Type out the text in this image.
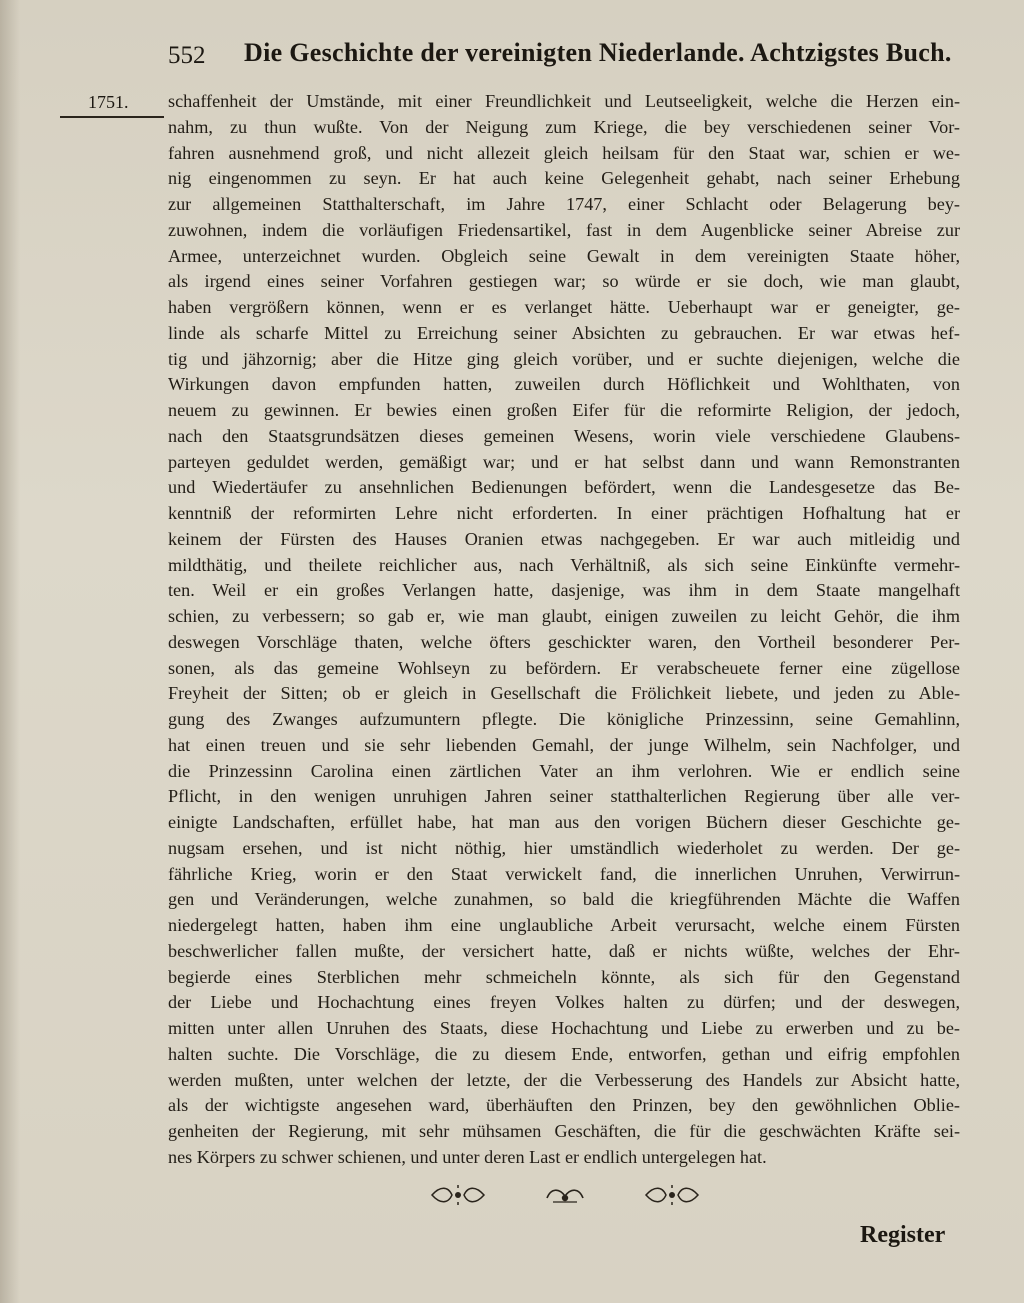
552 Die Geschichte der vereinigten Niederlande. Achtzigstes Buch.
1751. schaffenheit der Umstände, mit einer Freundlichkeit und Leutseeligkeit, welche die Herzen ein-
nahm, zu thun wußte. Von der Neigung zum Kriege, die bey verschiedenen seiner Vor-
fahren ausnehmend groß, und nicht allezeit gleich heilsam für den Staat war, schien er we-
nig eingenommen zu seyn. Er hat auch keine Gelegenheit gehabt, nach seiner Erhebung
zur allgemeinen Statthalterschaft, im Jahre 1747, einer Schlacht oder Belagerung bey-
zuwohnen, indem die vorläufigen Friedensartikel, fast in dem Augenblicke seiner Abreise zur
Armee, unterzeichnet wurden. Obgleich seine Gewalt in dem vereinigten Staate höher,
als irgend eines seiner Vorfahren gestiegen war; so würde er sie doch, wie man glaubt,
haben vergrößern können, wenn er es verlanget hätte. Ueberhaupt war er geneigter, ge-
linde als scharfe Mittel zu Erreichung seiner Absichten zu gebrauchen. Er war etwas hef-
tig und jähzornig; aber die Hitze ging gleich vorüber, und er suchte diejenigen, welche die
Wirkungen davon empfunden hatten, zuweilen durch Höflichkeit und Wohlthaten, von
neuem zu gewinnen. Er bewies einen großen Eifer für die reformirte Religion, der jedoch,
nach den Staatsgrundsätzen dieses gemeinen Wesens, worin viele verschiedene Glaubens-
parteyen geduldet werden, gemäßigt war; und er hat selbst dann und wann Remonstranten
und Wiedertäufer zu ansehnlichen Bedienungen befördert, wenn die Landesgesetze das Be-
kenntniß der reformirten Lehre nicht erforderten. In einer prächtigen Hofhaltung hat er
keinem der Fürsten des Hauses Oranien etwas nachgegeben. Er war auch mitleidig und
mildthätig, und theilete reichlicher aus, nach Verhältniß, als sich seine Einkünfte vermehr-
ten. Weil er ein großes Verlangen hatte, dasjenige, was ihm in dem Staate mangelhaft
schien, zu verbessern; so gab er, wie man glaubt, einigen zuweilen zu leicht Gehör, die ihm
deswegen Vorschläge thaten, welche öfters geschickter waren, den Vortheil besonderer Per-
sonen, als das gemeine Wohlseyn zu befördern. Er verabscheuete ferner eine zügellose
Freyheit der Sitten; ob er gleich in Gesellschaft die Frölichkeit liebete, und jeden zu Able-
gung des Zwanges aufzumuntern pflegte. Die königliche Prinzessinn, seine Gemahlinn,
hat einen treuen und sie sehr liebenden Gemahl, der junge Wilhelm, sein Nachfolger, und
die Prinzessinn Carolina einen zärtlichen Vater an ihm verlohren. Wie er endlich seine
Pflicht, in den wenigen unruhigen Jahren seiner statthalterlichen Regierung über alle ver-
einigte Landschaften, erfüllet habe, hat man aus den vorigen Büchern dieser Geschichte ge-
nugsam ersehen, und ist nicht nöthig, hier umständlich wiederholet zu werden. Der ge-
fährliche Krieg, worin er den Staat verwickelt fand, die innerlichen Unruhen, Verwirrun-
gen und Veränderungen, welche zunahmen, so bald die kriegführenden Mächte die Waffen
niedergelegt hatten, haben ihm eine unglaubliche Arbeit verursacht, welche einem Fürsten
beschwerlicher fallen mußte, der versichert hatte, daß er nichts wüßte, welches der Ehr-
begierde eines Sterblichen mehr schmeicheln könnte, als sich für den Gegenstand
der Liebe und Hochachtung eines freyen Volkes halten zu dürfen; und der deswegen,
mitten unter allen Unruhen des Staats, diese Hochachtung und Liebe zu erwerben und zu be-
halten suchte. Die Vorschläge, die zu diesem Ende, entworfen, gethan und eifrig empfohlen
werden mußten, unter welchen der letzte, der die Verbesserung des Handels zur Absicht hatte,
als der wichtigste angesehen ward, überhäuften den Prinzen, bey den gewöhnlichen Oblie-
genheiten der Regierung, mit sehr mühsamen Geschäften, die für die geschwächten Kräfte sei-
nes Körpers zu schwer schienen, und unter deren Last er endlich untergelegen hat.
Register
